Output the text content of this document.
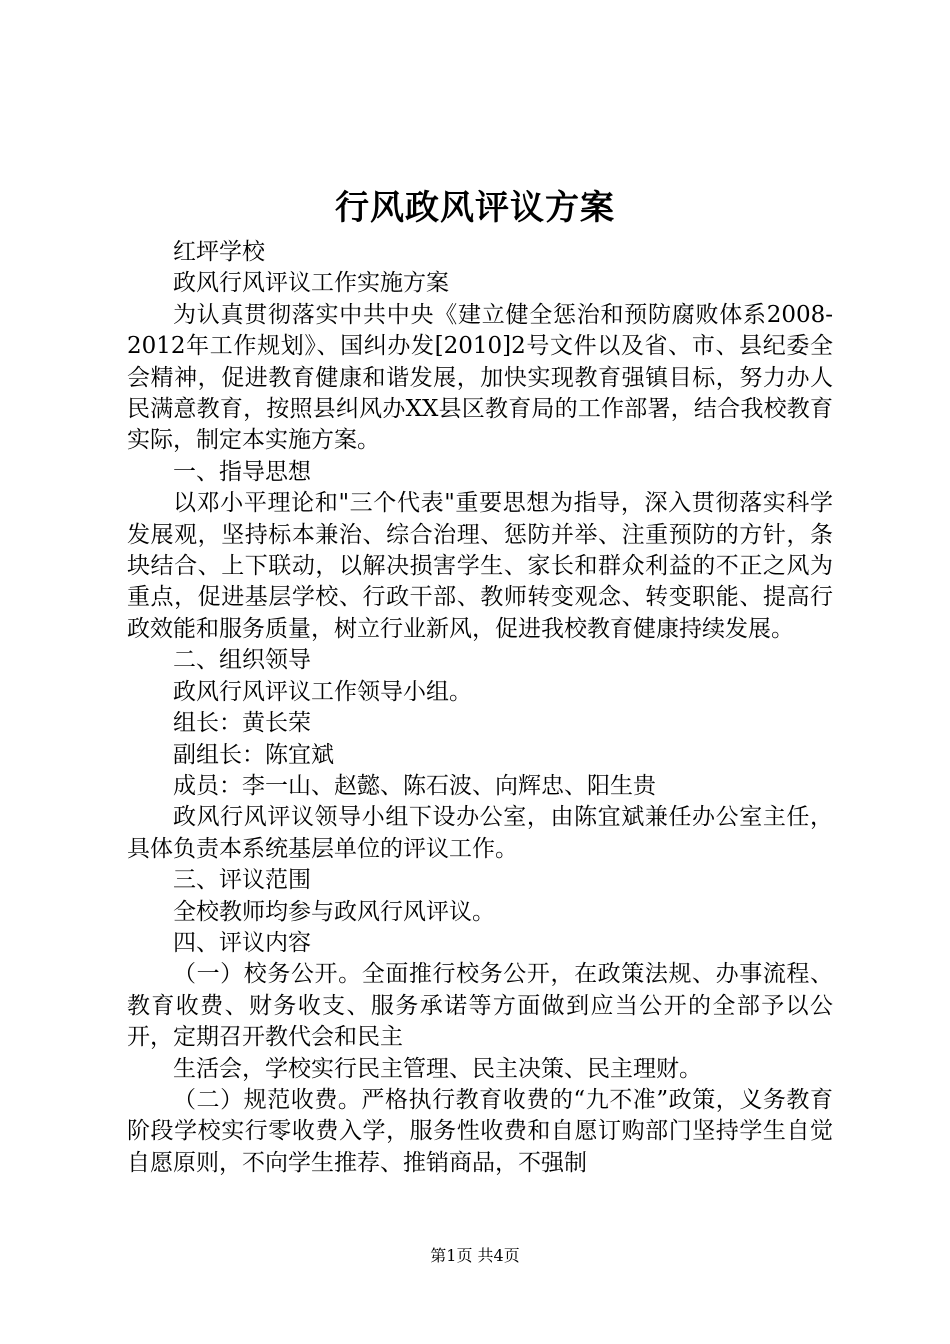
行风政风评议方案

红坪学校

政风行风评议工作实施方案

为认真贯彻落实中共中央《建立健全惩治和预防腐败体系2008-2012年工作规划》、国纠办发[2010]2号文件以及省、市、县纪委全会精神，促进教育健康和谐发展，加快实现教育强镇目标，努力办人民满意教育，按照县纠风办XX县区教育局的工作部署，结合我校教育实际，制定本实施方案。

一、指导思想

以邓小平理论和"三个代表"重要思想为指导，深入贯彻落实科学发展观，坚持标本兼治、综合治理、惩防并举、注重预防的方针，条块结合、上下联动，以解决损害学生、家长和群众利益的不正之风为重点，促进基层学校、行政干部、教师转变观念、转变职能、提高行政效能和服务质量，树立行业新风，促进我校教育健康持续发展。

二、组织领导

政风行风评议工作领导小组。

组长：黄长荣

副组长：陈宜斌

成员：李一山、赵懿、陈石波、向辉忠、阳生贵

政风行风评议领导小组下设办公室，由陈宜斌兼任办公室主任，具体负责本系统基层单位的评议工作。

三、评议范围

全校教师均参与政风行风评议。

四、评议内容

（一）校务公开。全面推行校务公开，在政策法规、办事流程、教育收费、财务收支、服务承诺等方面做到应当公开的全部予以公开，定期召开教代会和民主

生活会，学校实行民主管理、民主决策、民主理财。

（二）规范收费。严格执行教育收费的“九不准”政策，义务教育阶段学校实行零收费入学，服务性收费和自愿订购部门坚持学生自觉自愿原则，不向学生推荐、推销商品，不强制

第1页 共4页
